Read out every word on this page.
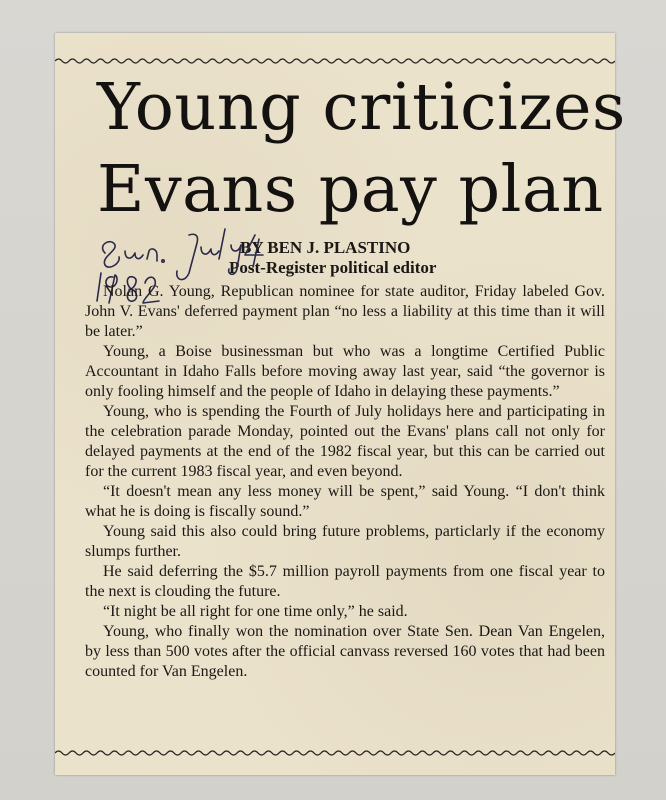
Young criticizes
Evans pay plan
BY BEN J. PLASTINO
Post-Register political editor

Nolan G. Young, Republican nominee for state auditor, Friday labeled Gov. John V. Evans' deferred payment plan “no less a liability at this time than it will be later.”

Young, a Boise businessman but who was a longtime Certified Public Accountant in Idaho Falls before moving away last year, said “the governor is only fooling himself and the people of Idaho in delaying these payments.”

Young, who is spending the Fourth of July holidays here and participating in the celebration parade Monday, pointed out the Evans' plans call not only for delayed payments at the end of the 1982 fiscal year, but this can be carried out for the current 1983 fiscal year, and even beyond.

“It doesn't mean any less money will be spent,” said Young. “I don't think what he is doing is fiscally sound.”

Young said this also could bring future problems, particlarly if the economy slumps further.

He said deferring the $5.7 million payroll payments from one fiscal year to the next is clouding the future.

“It night be all right for one time only,” he said.

Young, who finally won the nomination over State Sen. Dean Van Engelen, by less than 500 votes after the official canvass reversed 160 votes that had been counted for Van Engelen.
